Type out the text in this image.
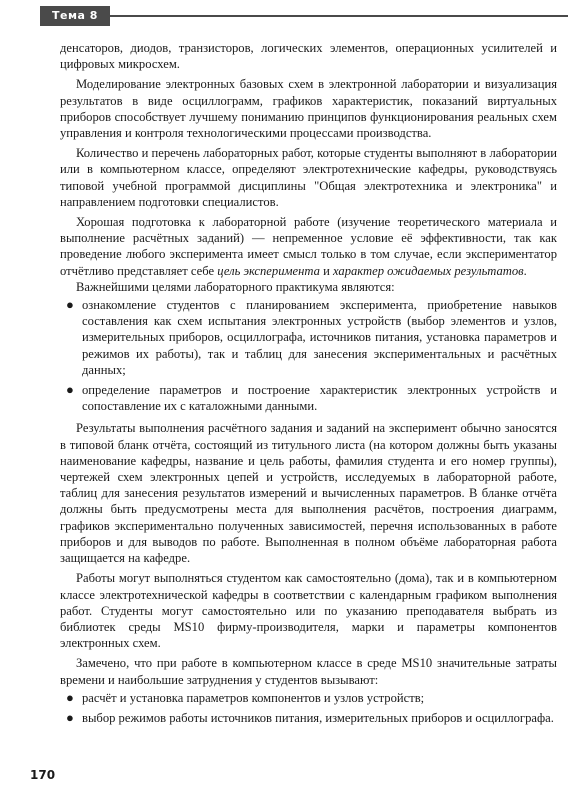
Тема 8

денсаторов, диодов, транзисторов, логических элементов, операционных усилителей и цифровых микросхем.

Моделирование электронных базовых схем в электронной лаборатории и визуализация результатов в виде осциллограмм, графиков характеристик, показаний виртуальных приборов способствует лучшему пониманию принципов функционирования реальных схем управления и контроля технологическими процессами производства.

Количество и перечень лабораторных работ, которые студенты выполняют в лаборатории или в компьютерном классе, определяют электротехнические кафедры, руководствуясь типовой учебной программой дисциплины "Общая электротехника и электроника" и направлением подготовки специалистов.

Хорошая подготовка к лабораторной работе (изучение теоретического материала и выполнение расчётных заданий) — непременное условие её эффективности, так как проведение любого эксперимента имеет смысл только в том случае, если экспериментатор отчётливо представляет себе цель эксперимента и характер ожидаемых результатов.

Важнейшими целями лабораторного практикума являются:

● ознакомление студентов с планированием эксперимента, приобретение навыков составления как схем испытания электронных устройств (выбор элементов и узлов, измерительных приборов, осциллографа, источников питания, установка параметров и режимов их работы), так и таблиц для занесения экспериментальных и расчётных данных;
● определение параметров и построение характеристик электронных устройств и сопоставление их с каталожными данными.

Результаты выполнения расчётного задания и заданий на эксперимент обычно заносятся в типовой бланк отчёта, состоящий из титульного листа (на котором должны быть указаны наименование кафедры, название и цель работы, фамилия студента и его номер группы), чертежей схем электронных цепей и устройств, исследуемых в лабораторной работе, таблиц для занесения результатов измерений и вычисленных параметров. В бланке отчёта должны быть предусмотрены места для выполнения расчётов, построения диаграмм, графиков экспериментально полученных зависимостей, перечня использованных в работе приборов и для выводов по работе. Выполненная в полном объёме лабораторная работа защищается на кафедре.

Работы могут выполняться студентом как самостоятельно (дома), так и в компьютерном классе электротехнической кафедры в соответствии с календарным графиком выполнения работ. Студенты могут самостоятельно или по указанию преподавателя выбрать из библиотек среды MS10 фирму-производителя, марки и параметры компонентов электронных схем.

Замечено, что при работе в компьютерном классе в среде MS10 значительные затраты времени и наибольшие затруднения у студентов вызывают:

● расчёт и установка параметров компонентов и узлов устройств;
● выбор режимов работы источников питания, измерительных приборов и осциллографа.
170
